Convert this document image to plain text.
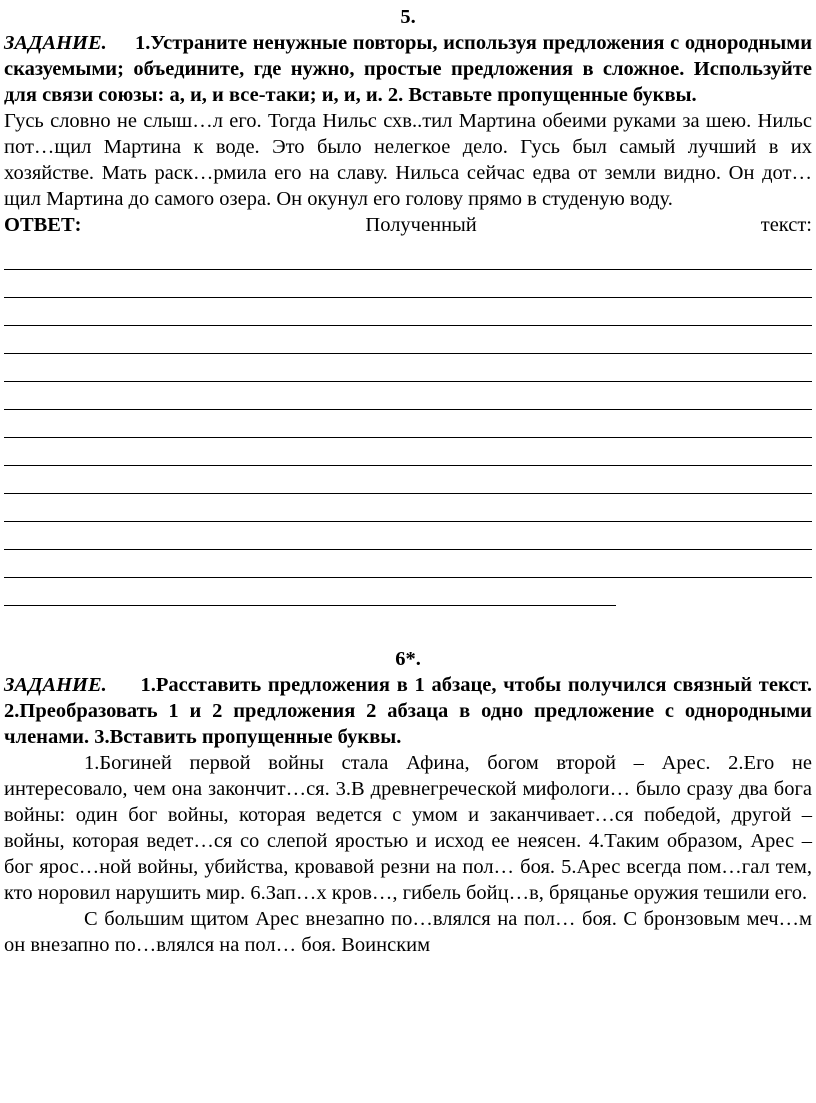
5.
ЗАДАНИЕ. 1.Устраните ненужные повторы, используя предложения с однородными сказуемыми; объедините, где нужно, простые предложения в сложное. Используйте для связи союзы: а, и, и все-таки; и, и, и. 2. Вставьте пропущенные буквы.
Гусь словно не слыш…л его. Тогда Нильс схв..тил Мартина обеими руками за шею. Нильс пот…щил Мартина к воде. Это было нелегкое дело. Гусь был самый лучший в их хозяйстве. Мать раск…рмила его на славу. Нильса сейчас едва от земли видно. Он дот…щил Мартина до самого озера. Он окунул его голову прямо в студеную воду.
ОТВЕТ:	Полученный	текст:
6*.
ЗАДАНИЕ. 1.Расставить предложения в 1 абзаце, чтобы получился связный текст. 2.Преобразовать 1 и 2 предложения 2 абзаца в одно предложение с однородными членами. 3.Вставить пропущенные буквы.
1.Богиней первой войны стала Афина, богом второй – Арес. 2.Его не интересовало, чем она закончит…ся. 3.В древнегреческой мифологи… было сразу два бога войны: один бог войны, которая ведется с умом и заканчивает…ся победой, другой – войны, которая ведет…ся со слепой яростью и исход ее неясен. 4.Таким образом, Арес – бог ярос…ной войны, убийства, кровавой резни на пол… боя. 5.Арес всегда пом…гал тем, кто норовил нарушить мир. 6.Зап…х кров…, гибель бойц…в, бряцанье оружия тешили его.
С большим щитом Арес внезапно по…влялся на пол… боя. С бронзовым меч…м он внезапно по…влялся на пол… боя. Воинским
